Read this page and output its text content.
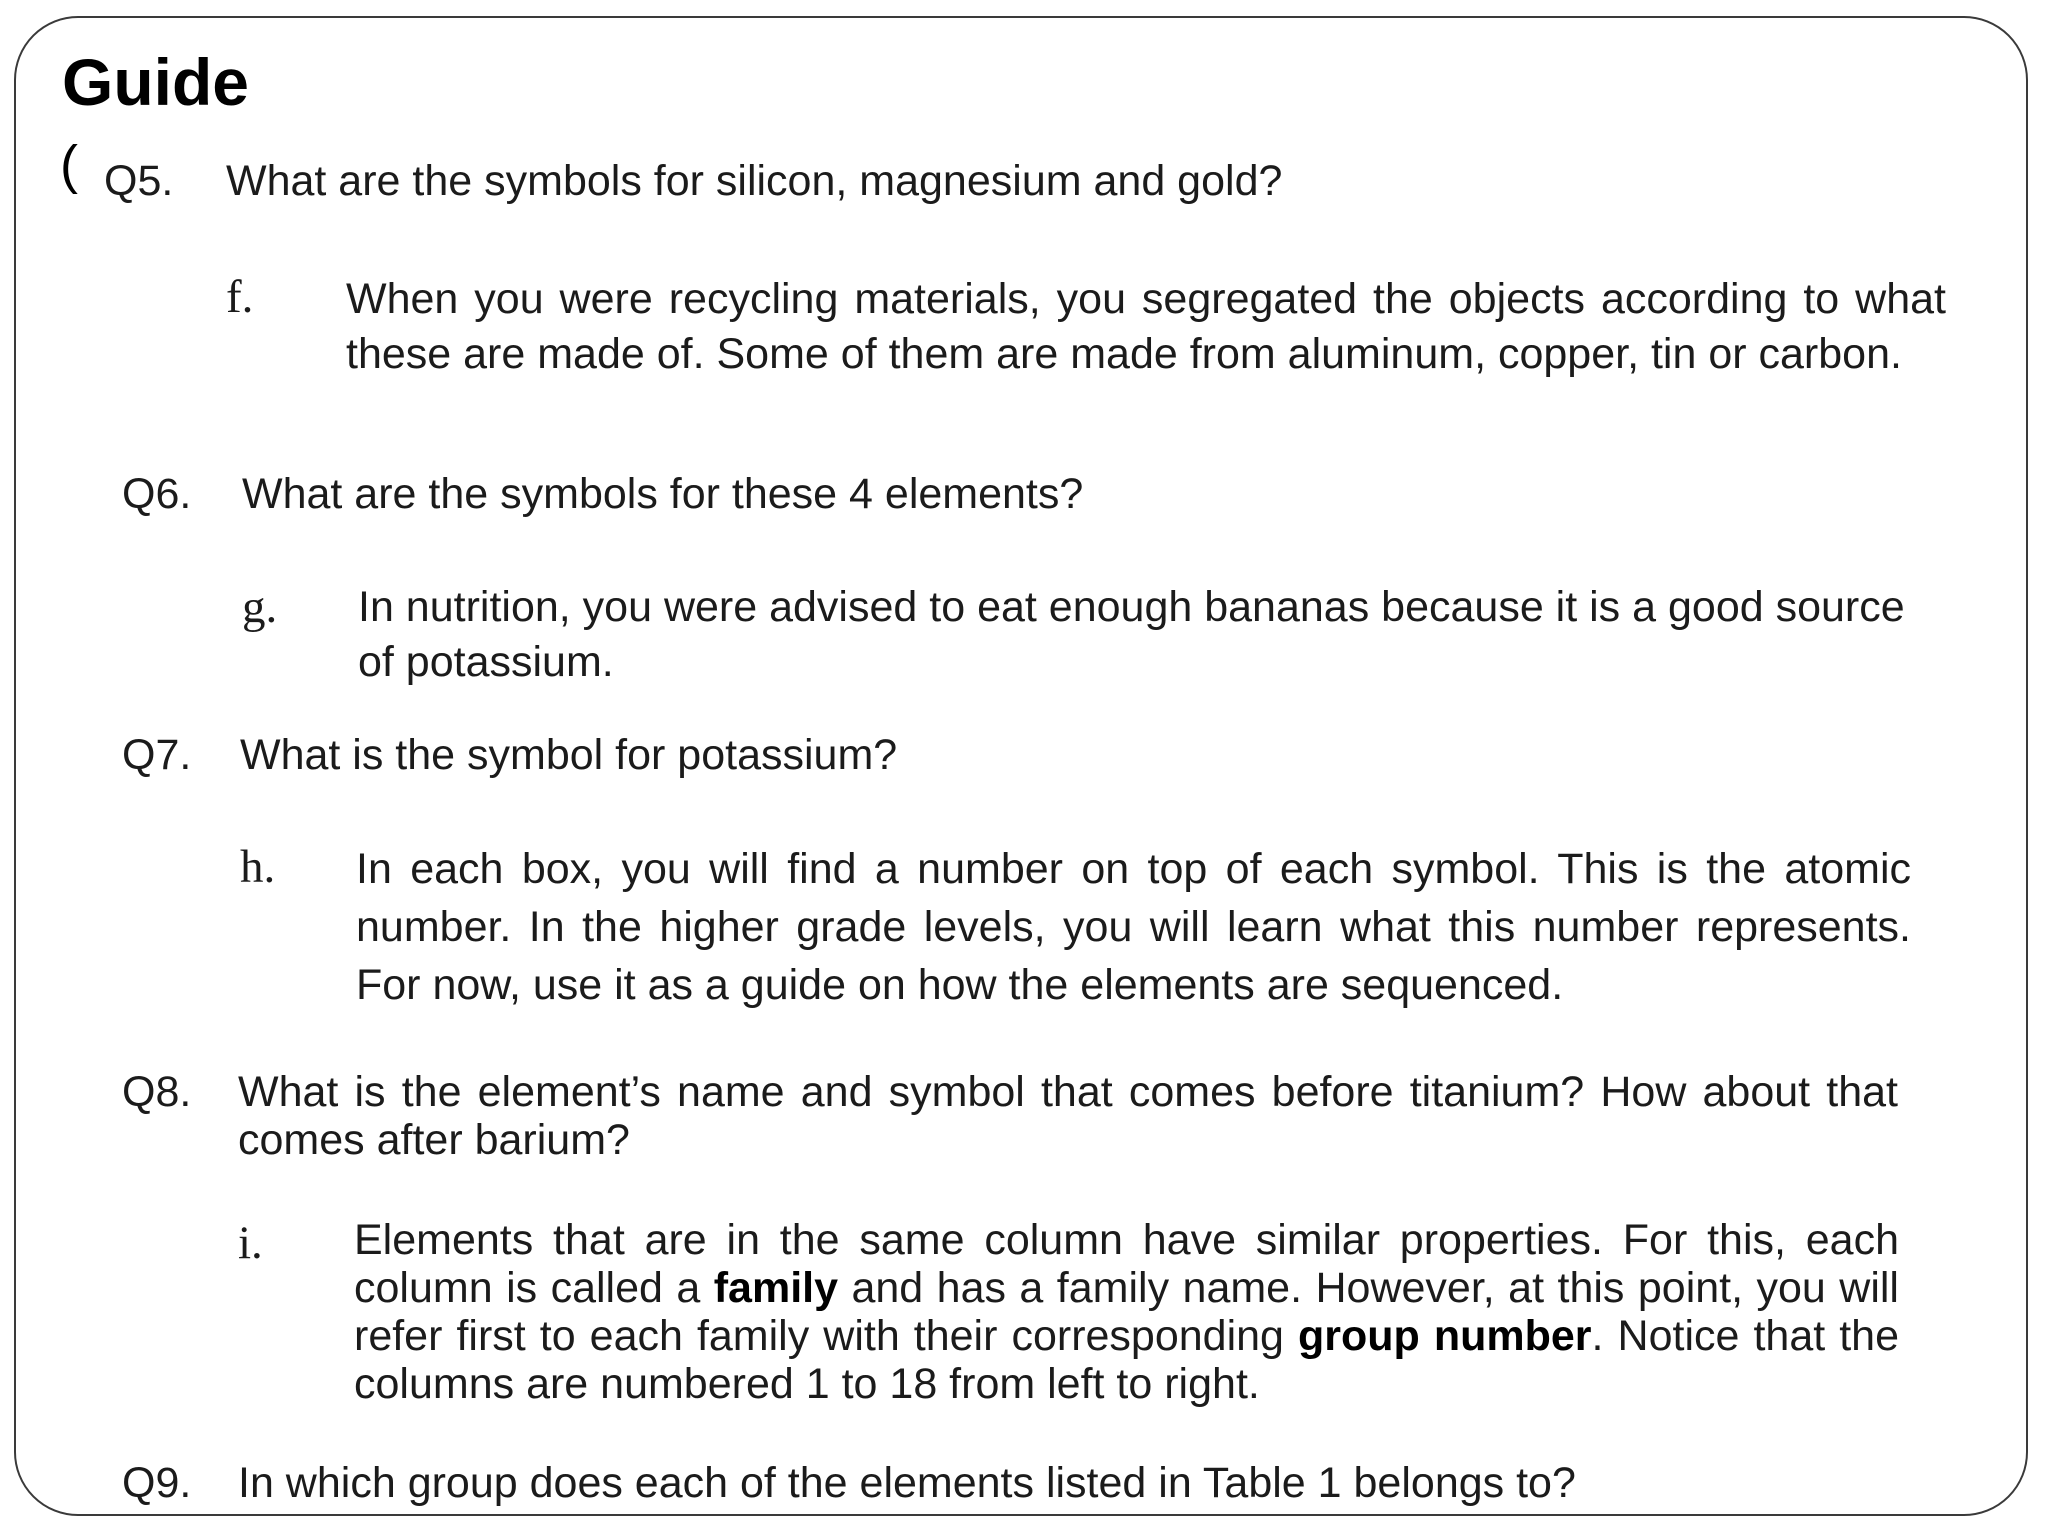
Guide
( Q5. What are the symbols for silicon, magnesium and gold?
f. When you were recycling materials, you segregated the objects according to what these are made of. Some of them are made from aluminum, copper, tin or carbon.
Q6. What are the symbols for these 4 elements?
g. In nutrition, you were advised to eat enough bananas because it is a good source of potassium.
Q7. What is the symbol for potassium?
h. In each box, you will find a number on top of each symbol. This is the atomic number. In the higher grade levels, you will learn what this number represents. For now, use it as a guide on how the elements are sequenced.
Q8. What is the element’s name and symbol that comes before titanium? How about that comes after barium?
i. Elements that are in the same column have similar properties. For this, each column is called a family and has a family name. However, at this point, you will refer first to each family with their corresponding group number. Notice that the columns are numbered 1 to 18 from left to right.
Q9. In which group does each of the elements listed in Table 1 belongs to?
